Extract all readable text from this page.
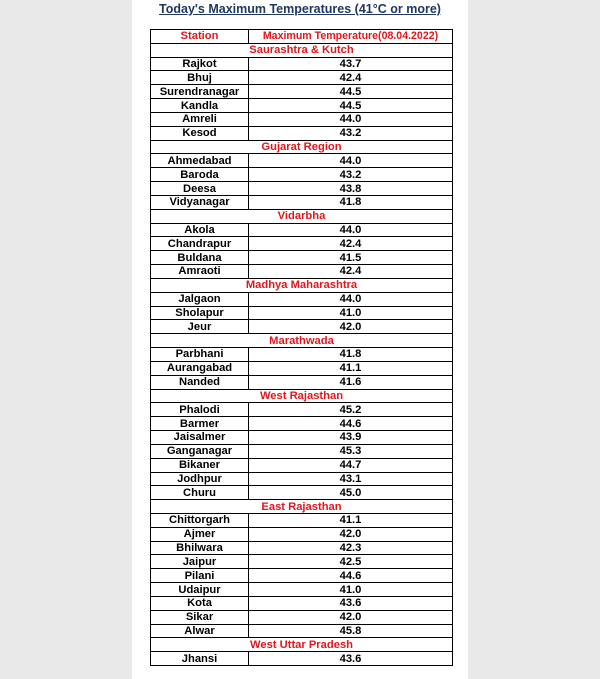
Today's Maximum Temperatures (41°C or more)
Station	Maximum Temperature(08.04.2022)
Saurashtra & Kutch	
Rajkot	43.7
Bhuj	42.4
Surendranagar	44.5
Kandla	44.5
Amreli	44.0
Kesod	43.2
Gujarat Region	
Ahmedabad	44.0
Baroda	43.2
Deesa	43.8
Vidyanagar	41.8
Vidarbha	
Akola	44.0
Chandrapur	42.4
Buldana	41.5
Amraoti	42.4
Madhya Maharashtra	
Jalgaon	44.0
Sholapur	41.0
Jeur	42.0
Marathwada	
Parbhani	41.8
Aurangabad	41.1
Nanded	41.6
West Rajasthan	
Phalodi	45.2
Barmer	44.6
Jaisalmer	43.9
Ganganagar	45.3
Bikaner	44.7
Jodhpur	43.1
Churu	45.0
East Rajasthan	
Chittorgarh	41.1
Ajmer	42.0
Bhilwara	42.3
Jaipur	42.5
Pilani	44.6
Udaipur	41.0
Kota	43.6
Sikar	42.0
Alwar	45.8
West Uttar Pradesh	
Jhansi	43.6
